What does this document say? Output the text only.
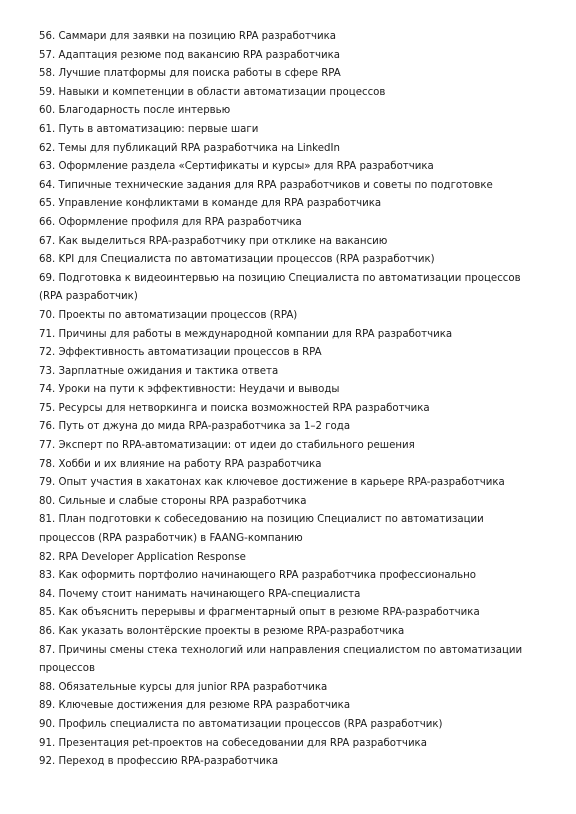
56. Саммари для заявки на позицию RPA разработчика
57. Адаптация резюме под вакансию RPA разработчика
58. Лучшие платформы для поиска работы в сфере RPA
59. Навыки и компетенции в области автоматизации процессов
60. Благодарность после интервью
61. Путь в автоматизацию: первые шаги
62. Темы для публикаций RPA разработчика на LinkedIn
63. Оформление раздела «Сертификаты и курсы» для RPA разработчика
64. Типичные технические задания для RPA разработчиков и советы по подготовке
65. Управление конфликтами в команде для RPA разработчика
66. Оформление профиля для RPA разработчика
67. Как выделиться RPA-разработчику при отклике на вакансию
68. KPI для Специалиста по автоматизации процессов (RPA разработчик)
69. Подготовка к видеоинтервью на позицию Специалиста по автоматизации процессов (RPA разработчик)
70. Проекты по автоматизации процессов (RPA)
71. Причины для работы в международной компании для RPA разработчика
72. Эффективность автоматизации процессов в RPA
73. Зарплатные ожидания и тактика ответа
74. Уроки на пути к эффективности: Неудачи и выводы
75. Ресурсы для нетворкинга и поиска возможностей RPA разработчика
76. Путь от джуна до мида RPA-разработчика за 1–2 года
77. Эксперт по RPA-автоматизации: от идеи до стабильного решения
78. Хобби и их влияние на работу RPA разработчика
79. Опыт участия в хакатонах как ключевое достижение в карьере RPA-разработчика
80. Сильные и слабые стороны RPA разработчика
81. План подготовки к собеседованию на позицию Специалист по автоматизации процессов (RPA разработчик) в FAANG-компанию
82. RPA Developer Application Response
83. Как оформить портфолио начинающего RPA разработчика профессионально
84. Почему стоит нанимать начинающего RPA-специалиста
85. Как объяснить перерывы и фрагментарный опыт в резюме RPA-разработчика
86. Как указать волонтёрские проекты в резюме RPA-разработчика
87. Причины смены стека технологий или направления специалистом по автоматизации процессов
88. Обязательные курсы для junior RPA разработчика
89. Ключевые достижения для резюме RPA разработчика
90. Профиль специалиста по автоматизации процессов (RPA разработчик)
91. Презентация pet-проектов на собеседовании для RPA разработчика
92. Переход в профессию RPA-разработчика
